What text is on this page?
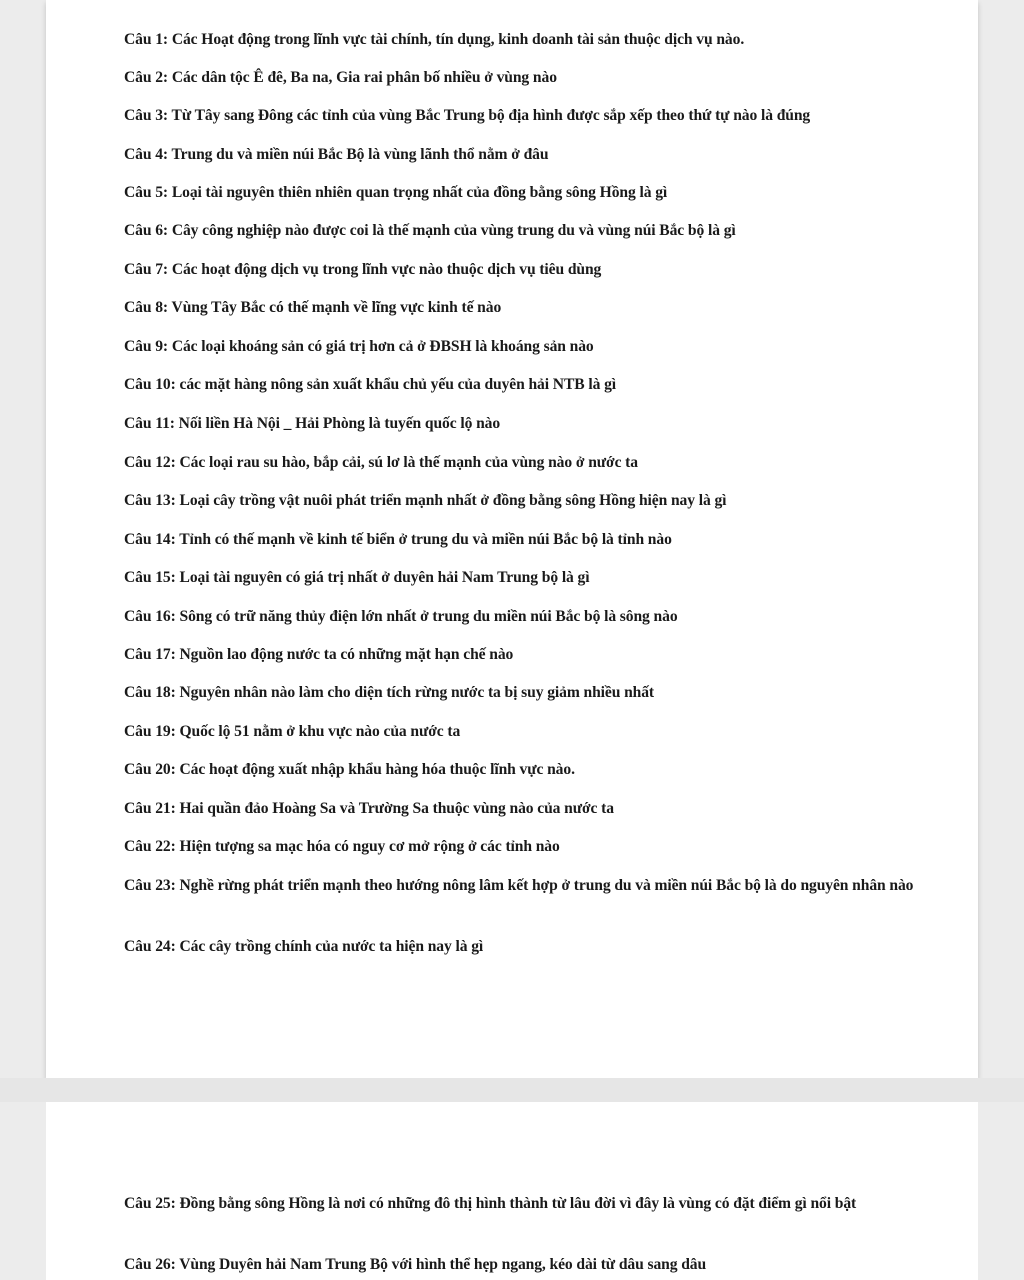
Câu 1: Các Hoạt động trong lĩnh vực tài chính, tín dụng, kinh doanh tài sản thuộc dịch vụ nào.

Câu 2: Các dân tộc Ê đê, Ba na, Gia rai phân bố nhiều ở vùng nào

Câu 3: Từ Tây sang Đông các tỉnh của vùng Bắc Trung bộ địa hình được sắp xếp theo thứ tự nào là đúng

Câu 4: Trung du và miền núi Bắc Bộ là vùng lãnh thổ nằm ở đâu

Câu 5: Loại tài nguyên thiên nhiên quan trọng nhất của đồng bằng sông Hồng là gì

Câu 6: Cây công nghiệp nào được coi là thế mạnh của vùng trung du và vùng núi Bắc bộ là gì

Câu 7: Các hoạt động dịch vụ trong lĩnh vực nào thuộc dịch vụ tiêu dùng

Câu 8: Vùng Tây Bắc có thế mạnh về lĩng vực kinh tế nào

Câu 9: Các loại khoáng sản có giá trị hơn cả ở ĐBSH là khoáng sản nào

Câu 10: các mặt hàng nông sản xuất khẩu chủ yếu của duyên hải NTB là gì

Câu 11: Nối liền Hà Nội _ Hải Phòng là tuyến quốc lộ nào

Câu 12: Các loại rau su hào, bắp cải, sú lơ là thế mạnh của vùng nào ở nước ta

Câu 13: Loại cây trồng vật nuôi phát triển mạnh nhất ở đồng bằng sông Hồng hiện nay là gì

Câu 14: Tỉnh có thế mạnh về kinh tế biển ở trung du và miền núi Bắc bộ là tỉnh nào

Câu 15: Loại tài nguyên có giá trị nhất ở duyên hải Nam Trung bộ là gì

Câu 16: Sông có trữ năng thủy điện lớn nhất ở trung du miền núi Bắc bộ là sông nào

Câu 17: Nguồn lao động nước ta có những mặt hạn chế nào

Câu 18: Nguyên nhân nào làm cho diện tích rừng nước ta bị suy giảm nhiều nhất

Câu 19: Quốc lộ 51 nằm ở khu vực nào của nước ta

Câu 20: Các hoạt động xuất nhập khẩu hàng hóa thuộc lĩnh vực nào.

Câu 21: Hai quần đảo Hoàng Sa và Trường Sa thuộc vùng nào của nước ta

Câu 22: Hiện tượng sa mạc hóa có nguy cơ mở rộng ở các tỉnh nào

Câu 23: Nghề rừng phát triển mạnh theo hướng nông lâm kết hợp ở trung du và miền núi Bắc bộ là do nguyên nhân nào

Câu 24: Các cây trồng chính của nước ta hiện nay là gì

Câu 25: Đồng bằng sông Hồng là nơi có những đô thị hình thành từ lâu đời vì đây là vùng có đặt điểm gì nổi bật

Câu 26: Vùng Duyên hải Nam Trung Bộ với hình thể hẹp ngang, kéo dài từ dâu sang dâu
